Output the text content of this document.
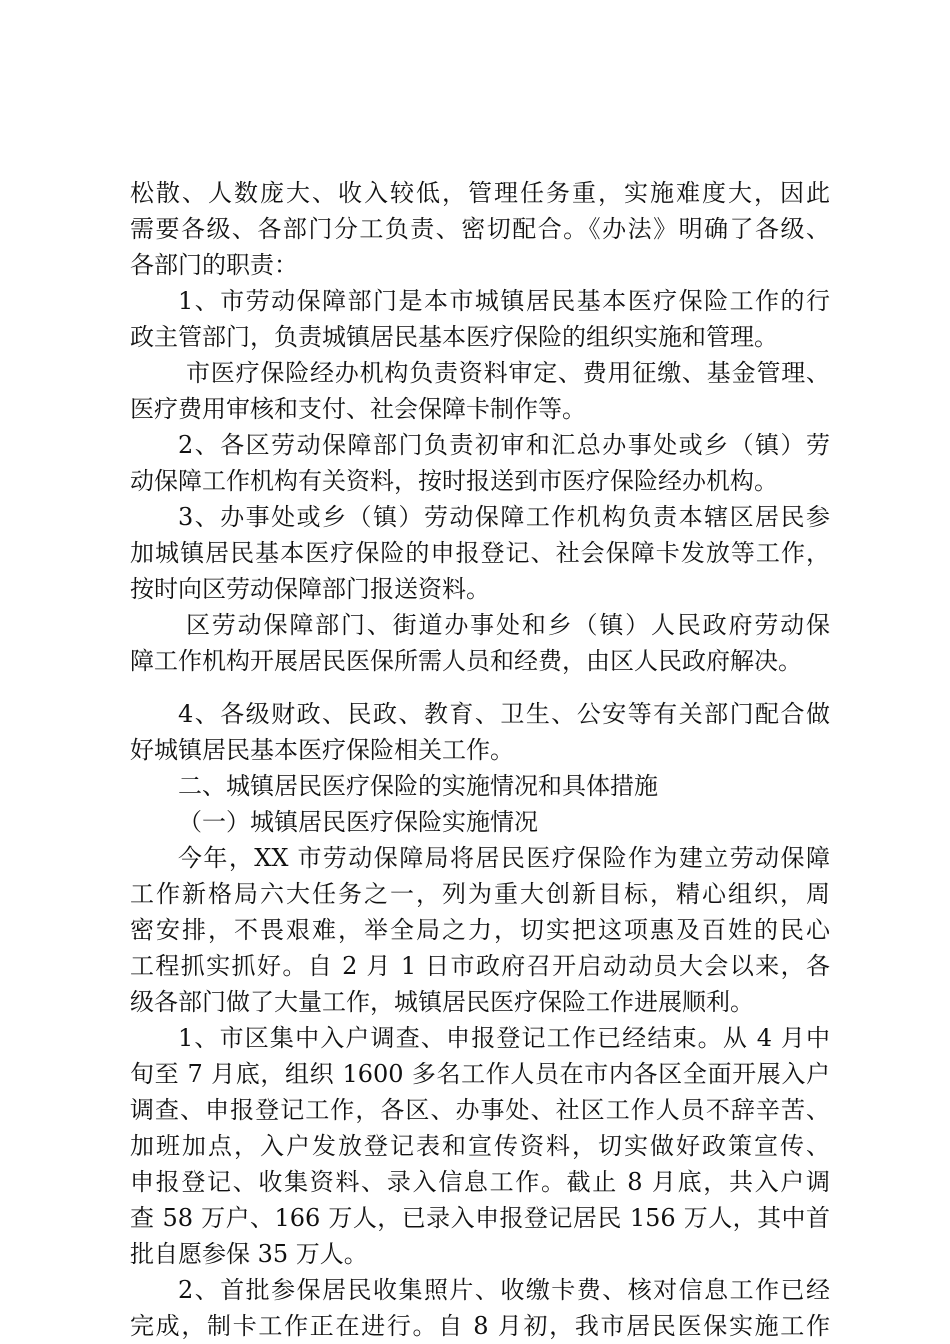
松散、人数庞大、收入较低，管理任务重，实施难度大，因此
需要各级、各部门分工负责、密切配合。《办法》明确了各级、
各部门的职责：
1、市劳动保障部门是本市城镇居民基本医疗保险工作的行
政主管部门，负责城镇居民基本医疗保险的组织实施和管理。
市医疗保险经办机构负责资料审定、费用征缴、基金管理、
医疗费用审核和支付、社会保障卡制作等。
2、各区劳动保障部门负责初审和汇总办事处或乡（镇）劳
动保障工作机构有关资料，按时报送到市医疗保险经办机构。
3、办事处或乡（镇）劳动保障工作机构负责本辖区居民参
加城镇居民基本医疗保险的申报登记、社会保障卡发放等工作，
按时向区劳动保障部门报送资料。
区劳动保障部门、街道办事处和乡（镇）人民政府劳动保
障工作机构开展居民医保所需人员和经费，由区人民政府解决。
4、各级财政、民政、教育、卫生、公安等有关部门配合做
好城镇居民基本医疗保险相关工作。
二、城镇居民医疗保险的实施情况和具体措施
（一）城镇居民医疗保险实施情况
今年，XX 市劳动保障局将居民医疗保险作为建立劳动保障
工作新格局六大任务之一，列为重大创新目标，精心组织，周
密安排，不畏艰难，举全局之力，切实把这项惠及百姓的民心
工程抓实抓好。自 2 月 1 日市政府召开启动动员大会以来，各
级各部门做了大量工作，城镇居民医疗保险工作进展顺利。
1、市区集中入户调查、申报登记工作已经结束。从 4 月中
旬至 7 月底，组织 1600 多名工作人员在市内各区全面开展入户
调查、申报登记工作，各区、办事处、社区工作人员不辞辛苦、
加班加点，入户发放登记表和宣传资料，切实做好政策宣传、
申报登记、收集资料、录入信息工作。截止 8 月底，共入户调
查 58 万户、166 万人，已录入申报登记居民 156 万人，其中首
批自愿参保 35 万人。
2、首批参保居民收集照片、收缴卡费、核对信息工作已经
完成，制卡工作正在进行。自 8 月初，我市居民医保实施工作
